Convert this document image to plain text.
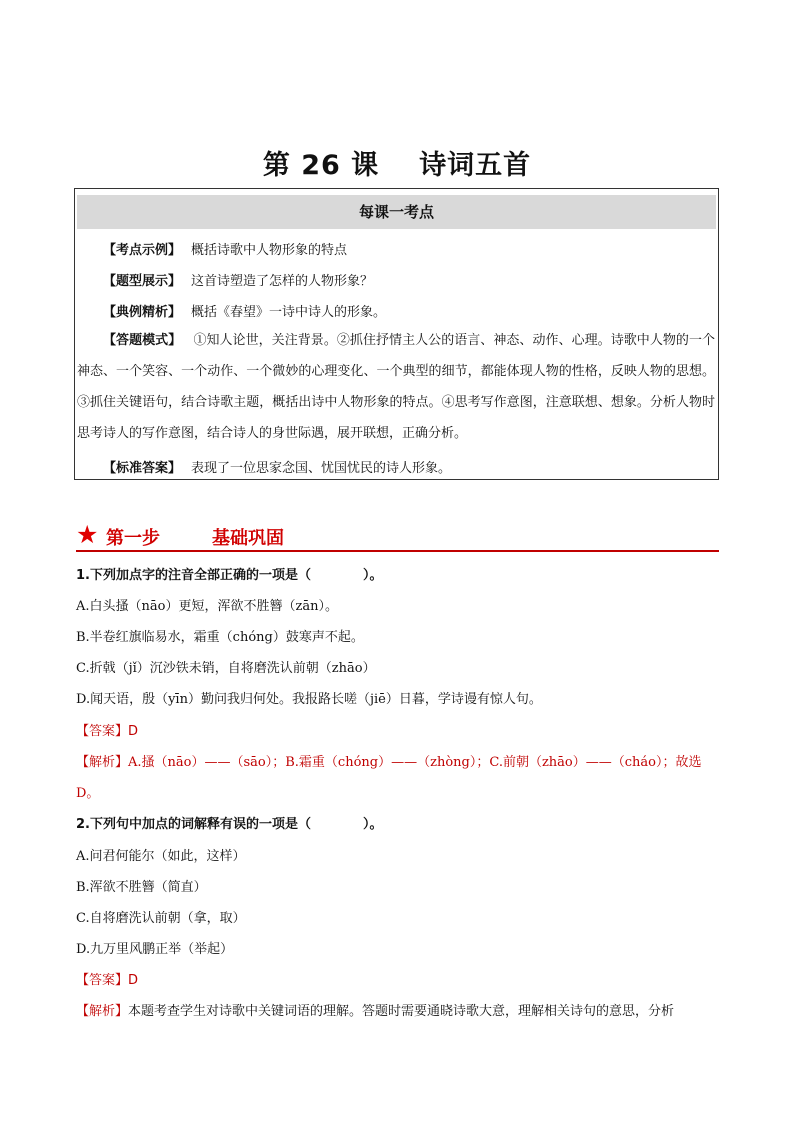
第 26 课 诗词五首
每课一考点
【考点示例】 概括诗歌中人物形象的特点
【题型展示】 这首诗塑造了怎样的人物形象？
【典例精析】 概括《春望》一诗中诗人的形象。
【答题模式】 ①知人论世，关注背景。②抓住抒情主人公的语言、神态、动作、心理。诗歌中人物的一个神态、一个笑容、一个动作、一个微妙的心理变化、一个典型的细节，都能体现人物的性格，反映人物的思想。③抓住关键语句，结合诗歌主题，概括出诗中人物形象的特点。④思考写作意图，注意联想、想象。分析人物时思考诗人的写作意图，结合诗人的身世际遇，展开联想，正确分析。
【标准答案】 表现了一位思家念国、忧国忧民的诗人形象。
★ 第一步	基础巩固
1.下列加点字的注音全部正确的一项是（　　　　）。
A.白头搔（nāo）更短，浑欲不胜簪（zān）。
B.半卷红旗临易水，霜重（chóng）鼓寒声不起。
C.折戟（jǐ）沉沙铁未销，自将磨洗认前朝（zhāo）
D.闻天语，殷（yīn）勤问我归何处。我报路长嗟（jiē）日暮，学诗谩有惊人句。
【答案】D
【解析】A.搔（nāo）——（sāo）；B.霜重（chóng）——（zhòng）；C.前朝（zhāo）——（cháo）；故选
D。
2.下列句中加点的词解释有误的一项是（　　　　）。
A.问君何能尔（如此，这样）
B.浑欲不胜簪（简直）
C.自将磨洗认前朝（拿，取）
D.九万里风鹏正举（举起）
【答案】D
【解析】本题考查学生对诗歌中关键词语的理解。答题时需要通晓诗歌大意，理解相关诗句的意思，分析
